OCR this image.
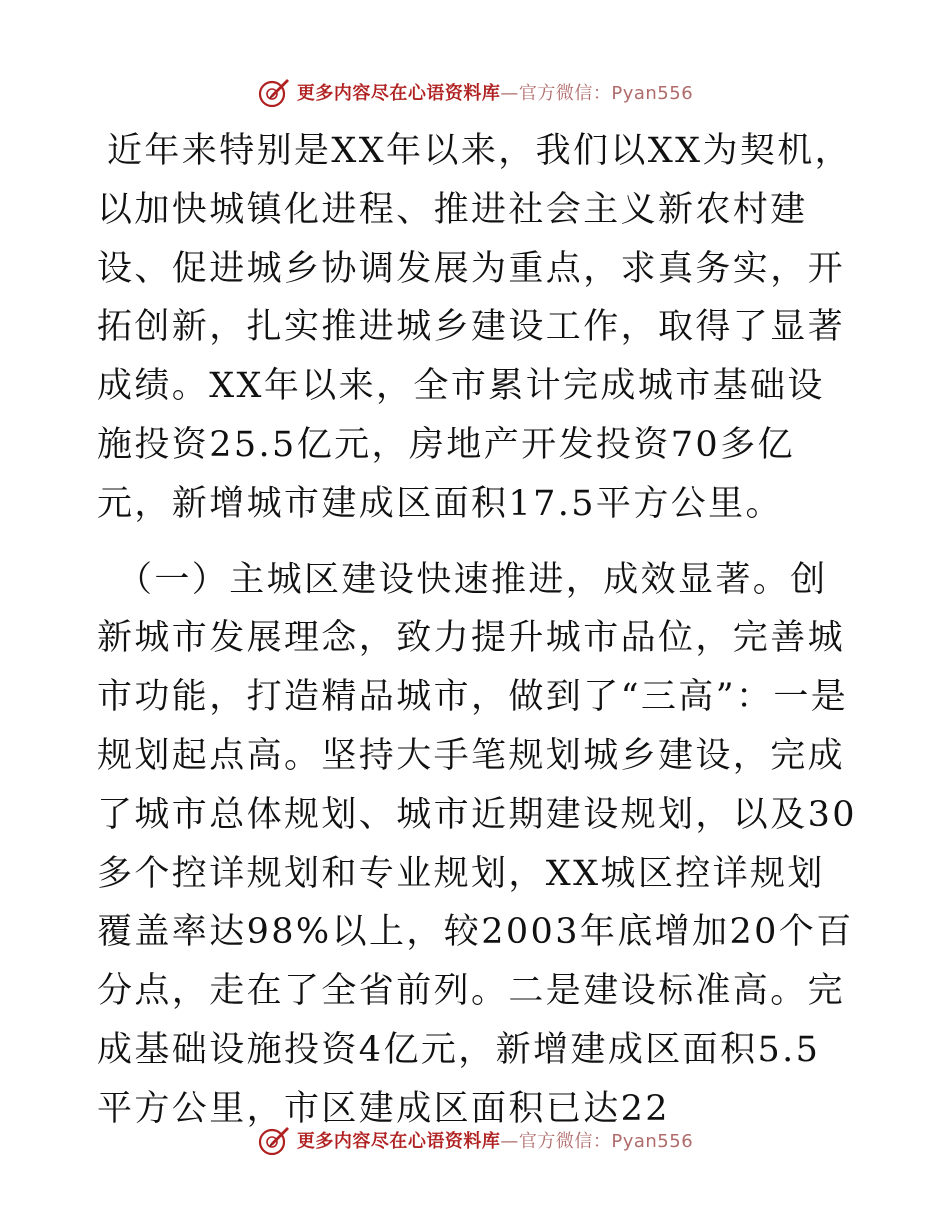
更多内容尽在心语资料库—官方微信：Pyan556

近年来特别是XX年以来，我们以XX为契机，以加快城镇化进程、推进社会主义新农村建设、促进城乡协调发展为重点，求真务实，开拓创新，扎实推进城乡建设工作，取得了显著成绩。XX年以来，全市累计完成城市基础设施投资25.5亿元，房地产开发投资70多亿元，新增城市建成区面积17.5平方公里。

（一）主城区建设快速推进，成效显著。创新城市发展理念，致力提升城市品位，完善城市功能，打造精品城市，做到了“三高”：一是规划起点高。坚持大手笔规划城乡建设，完成了城市总体规划、城市近期建设规划，以及30多个控详规划和专业规划，XX城区控详规划覆盖率达98%以上，较2003年底增加20个百分点，走在了全省前列。二是建设标准高。完成基础设施投资4亿元，新增建成区面积5.5平方公里，市区建成区面积已达22

更多内容尽在心语资料库—官方微信：Pyan556
